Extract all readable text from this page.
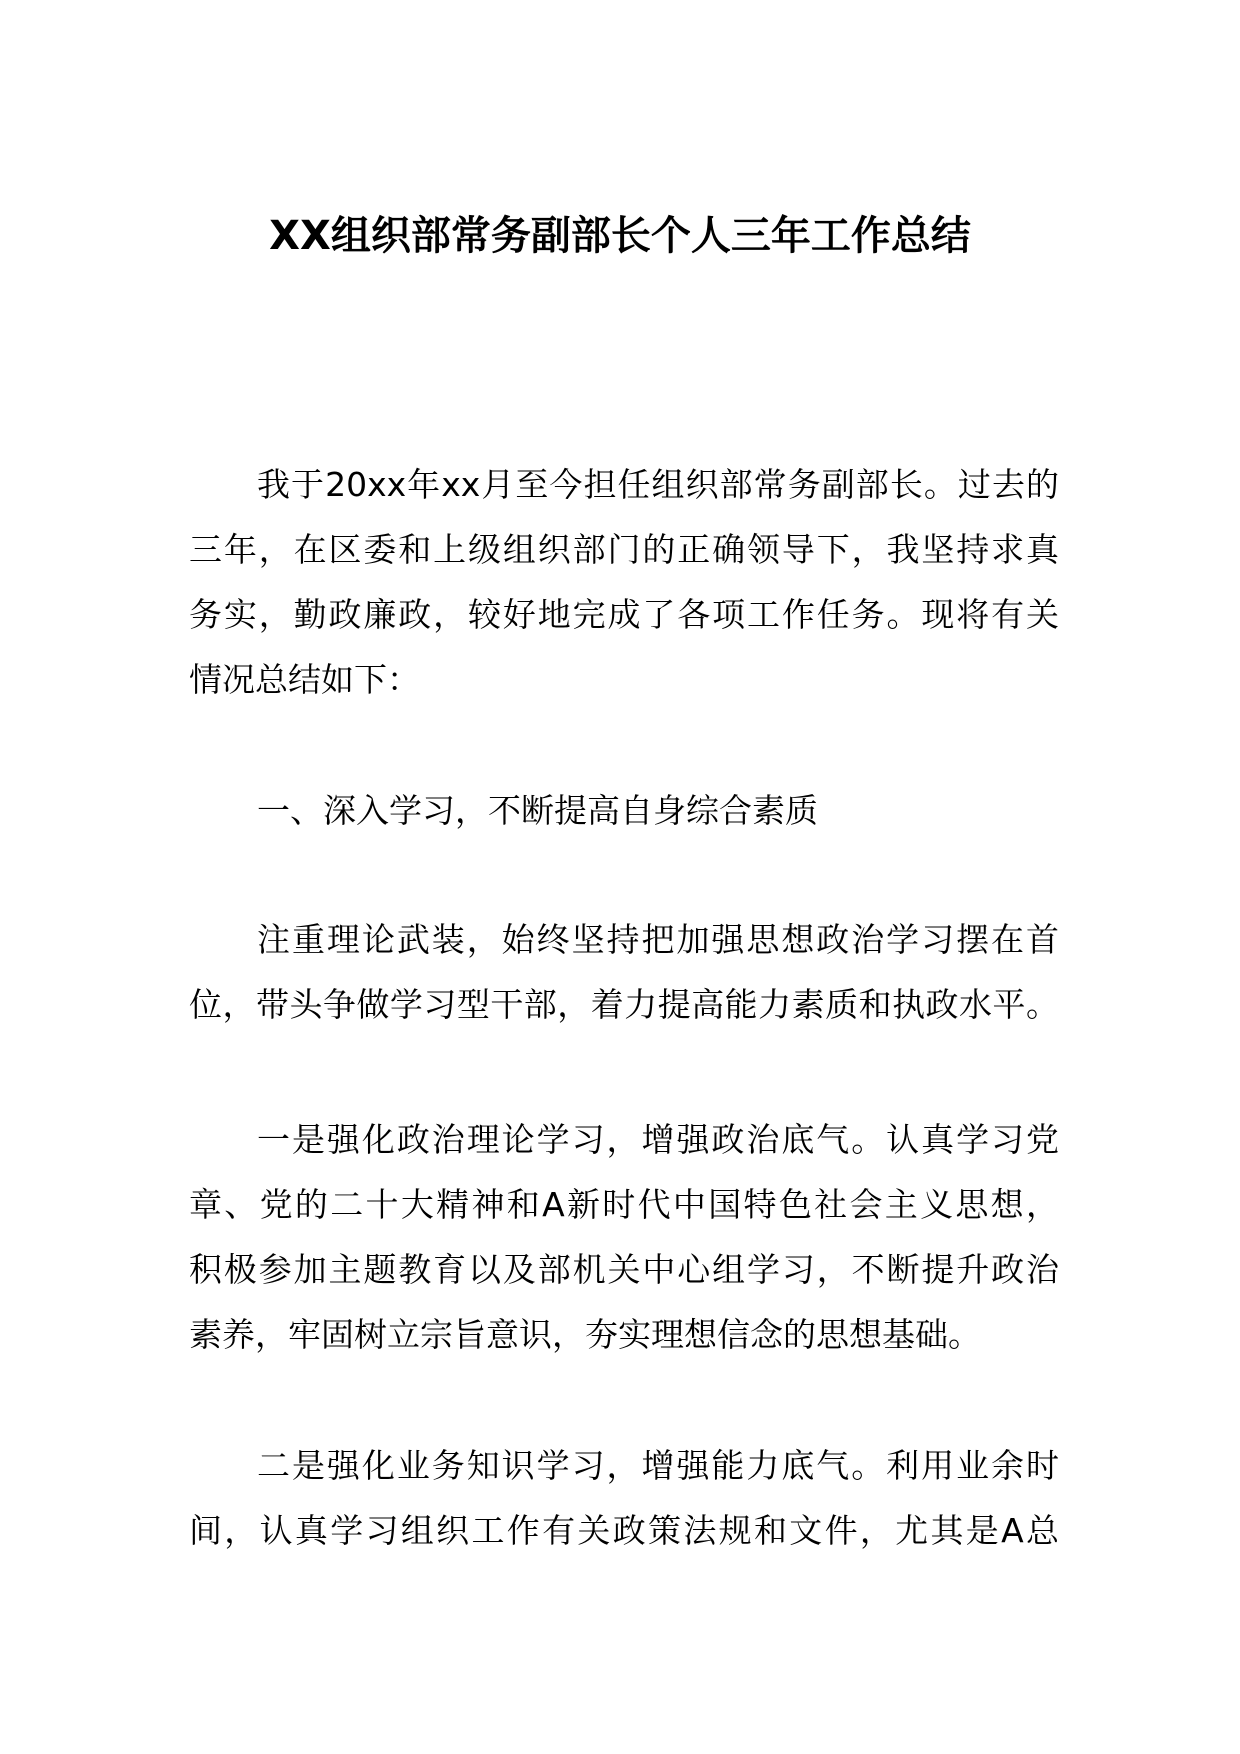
XX组织部常务副部长个人三年工作总结
我于20xx年xx月至今担任组织部常务副部长。过去的
三年，在区委和上级组织部门的正确领导下，我坚持求真
务实，勤政廉政，较好地完成了各项工作任务。现将有关
情况总结如下：
一、深入学习，不断提高自身综合素质
注重理论武装，始终坚持把加强思想政治学习摆在首
位，带头争做学习型干部，着力提高能力素质和执政水平。
一是强化政治理论学习，增强政治底气。认真学习党
章、党的二十大精神和A新时代中国特色社会主义思想，
积极参加主题教育以及部机关中心组学习，不断提升政治
素养，牢固树立宗旨意识，夯实理想信念的思想基础。
二是强化业务知识学习，增强能力底气。利用业余时
间，认真学习组织工作有关政策法规和文件，尤其是A总
